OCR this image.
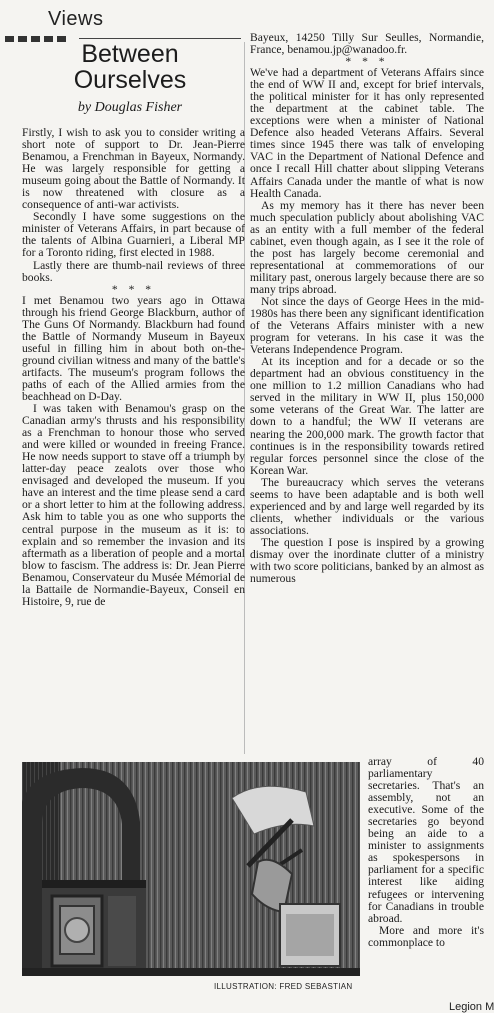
Views
Between
Ourselves
by Douglas Fisher

Firstly, I wish to ask you to consider writing a short note of support to Dr. Jean-Pierre Benamou, a Frenchman in Bayeux, Normandy. He was largely responsible for getting a museum going about the Battle of Normandy. It is now threatened with closure as a consequence of anti-war activists.

Secondly I have some suggestions on the minister of Veterans Affairs, in part because of the talents of Albina Guarnieri, a Liberal MP for a Toronto riding, first elected in 1988.

Lastly there are thumb-nail reviews of three books.

* * *

I met Benamou two years ago in Ottawa through his friend George Blackburn, author of The Guns Of Normandy. Blackburn had found the Battle of Normandy Museum in Bayeux useful in filling him in about both on-the-ground civilian witness and many of the battle's artifacts. The museum's program follows the paths of each of the Allied armies from the beachhead on D-Day.

I was taken with Benamou's grasp on the Canadian army's thrusts and his responsibility as a Frenchman to honour those who served and were killed or wounded in freeing France. He now needs support to stave off a triumph by latter-day peace zealots over those who envisaged and developed the museum. If you have an interest and the time please send a card or a short letter to him at the following address. Ask him to table you as one who supports the central purpose in the museum as it is: to explain and so remember the invasion and its aftermath as a liberation of people and a mortal blow to fascism. The address is: Dr. Jean Pierre Benamou, Conservateur du Musée Mémorial de la Battaile de Normandie-Bayeux, Conseil en Histoire, 9, rue de

Bayeux, 14250 Tilly Sur Seulles, Normandie, France, benamou.jp@wanadoo.fr.

* * *

We've had a department of Veterans Affairs since the end of WW II and, except for brief intervals, the political minister for it has only represented the department at the cabinet table. The exceptions were when a minister of National Defence also headed Veterans Affairs. Several times since 1945 there was talk of enveloping VAC in the Department of National Defence and once I recall Hill chatter about slipping Veterans Affairs Canada under the mantle of what is now Health Canada.

As my memory has it there has never been much speculation publicly about abolishing VAC as an entity with a full member of the federal cabinet, even though again, as I see it the role of the post has largely become ceremonial and representational at commemorations of our military past, onerous largely because there are so many trips abroad.

Not since the days of George Hees in the mid-1980s has there been any significant identification of the Veterans Affairs minister with a new program for veterans. In his case it was the Veterans Independence Program.

At its inception and for a decade or so the department had an obvious constituency in the one million to 1.2 million Canadians who had served in the military in WW II, plus 150,000 some veterans of the Great War. The latter are down to a handful; the WW II veterans are nearing the 200,000 mark. The growth factor that continues is in the responsibility towards retired regular forces personnel since the close of the Korean War.

The bureaucracy which serves the veterans seems to have been adaptable and is both well experienced and by and large well regarded by its clients, whether individuals or the various associations.

The question I pose is inspired by a growing dismay over the inordinate clutter of a ministry with two score politicians, banked by an almost as numerous

array of 40 parliamentary secretaries. That's an assembly, not an executive. Some of the secretaries go beyond being an aide to a minister to assignments as spokespersons in parliament for a specific interest like aiding refugees or intervening for Canadians in trouble abroad.

More and more it's commonplace to

ILLUSTRATION: FRED SEBASTIAN
Legion M
